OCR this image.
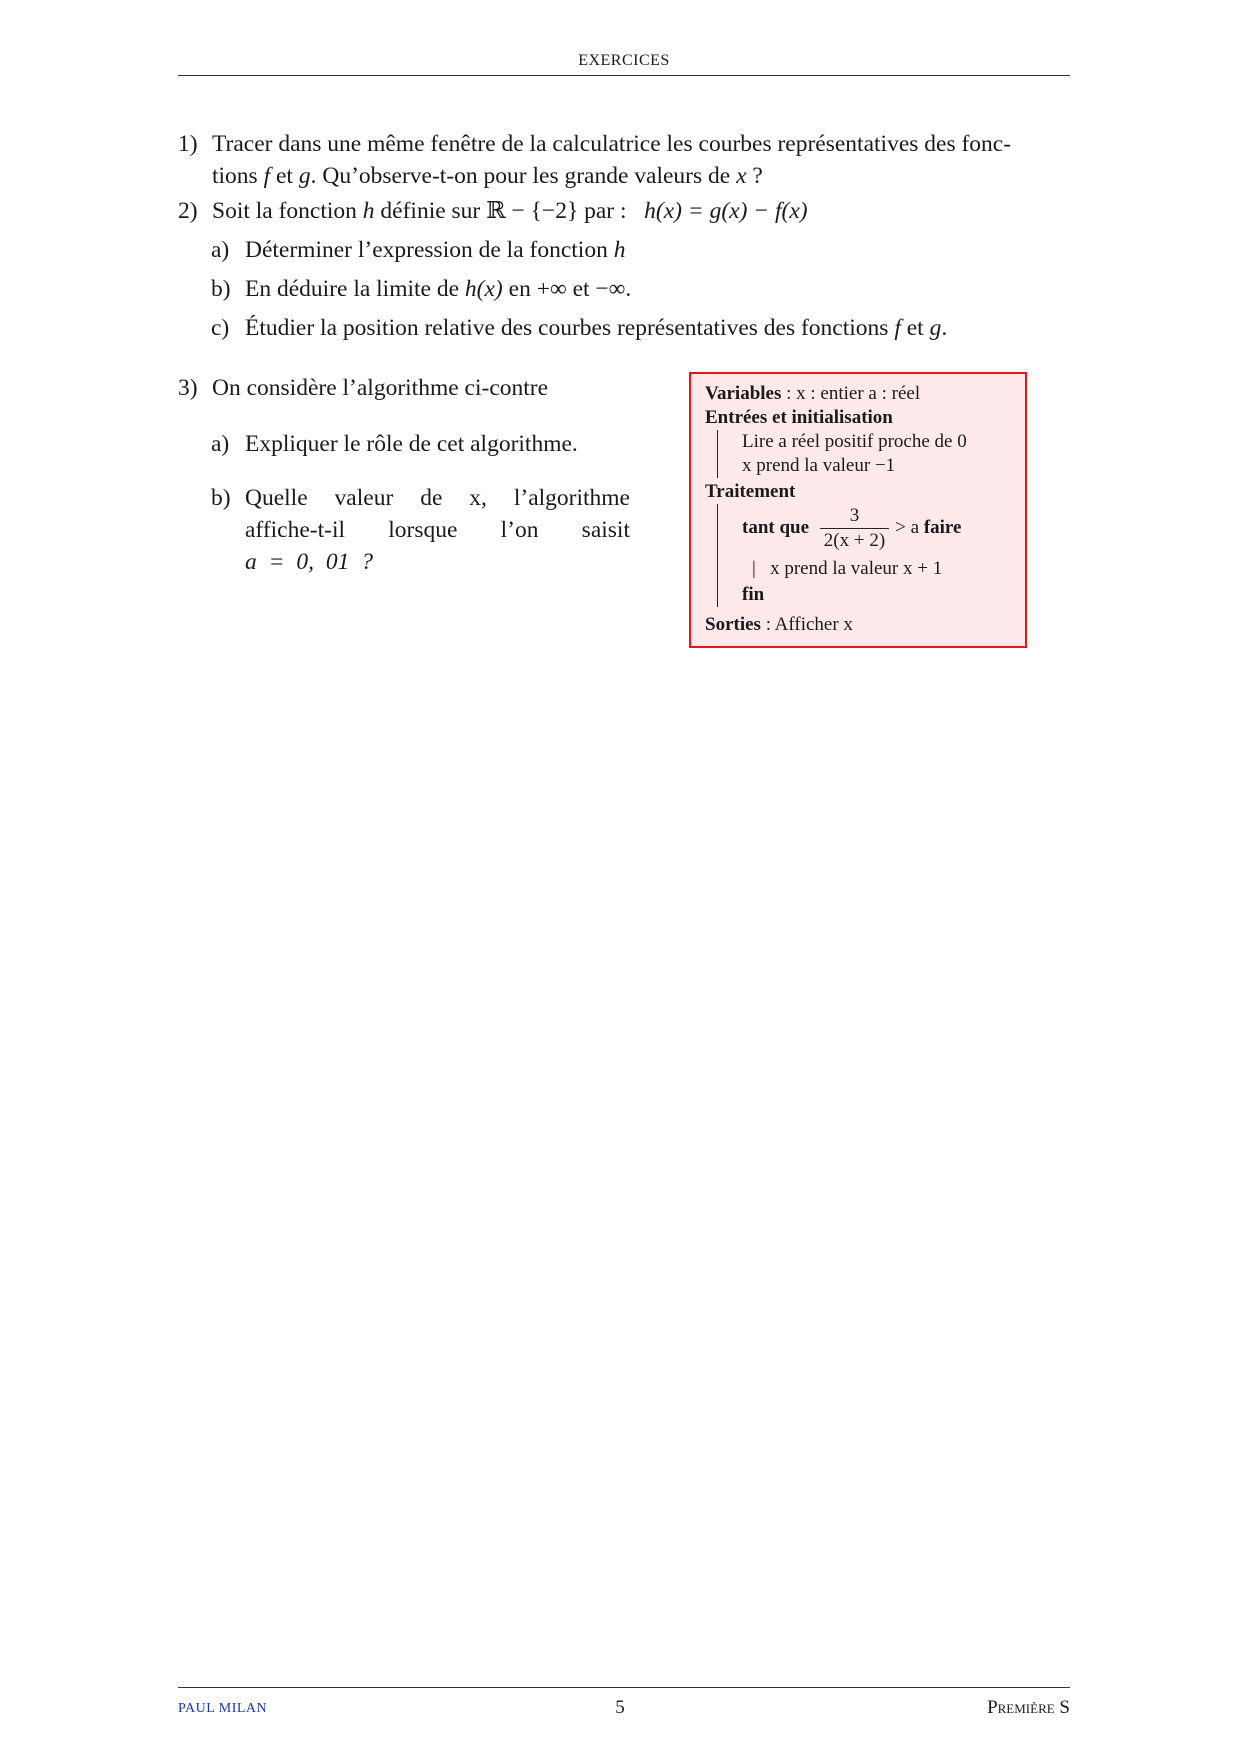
EXERCICES
1) Tracer dans une même fenêtre de la calculatrice les courbes représentatives des fonc-
tions f et g. Qu’observe-t-on pour les grande valeurs de x ?
2) Soit la fonction h définie sur ℝ − {−2} par : h(x) = g(x) − f(x)
a) Déterminer l’expression de la fonction h
b) En déduire la limite de h(x) en +∞ et −∞.
c) Étudier la position relative des courbes représentatives des fonctions f et g.
3) On considère l’algorithme ci-contre
a) Expliquer le rôle de cet algorithme.
b) Quelle valeur de x, l’algorithme
affiche-t-il lorsque l’on saisit
a = 0, 01 ?
Variables : x : entier a : réel
Entrées et initialisation
Lire a réel positif proche de 0
x prend la valeur −1
Traitement
tant que $\frac{3}{2(x + 2)} > a$ faire
|   x prend la valeur x + 1
fin
Sorties : Afficher x
PAUL MILAN	5	Première S
